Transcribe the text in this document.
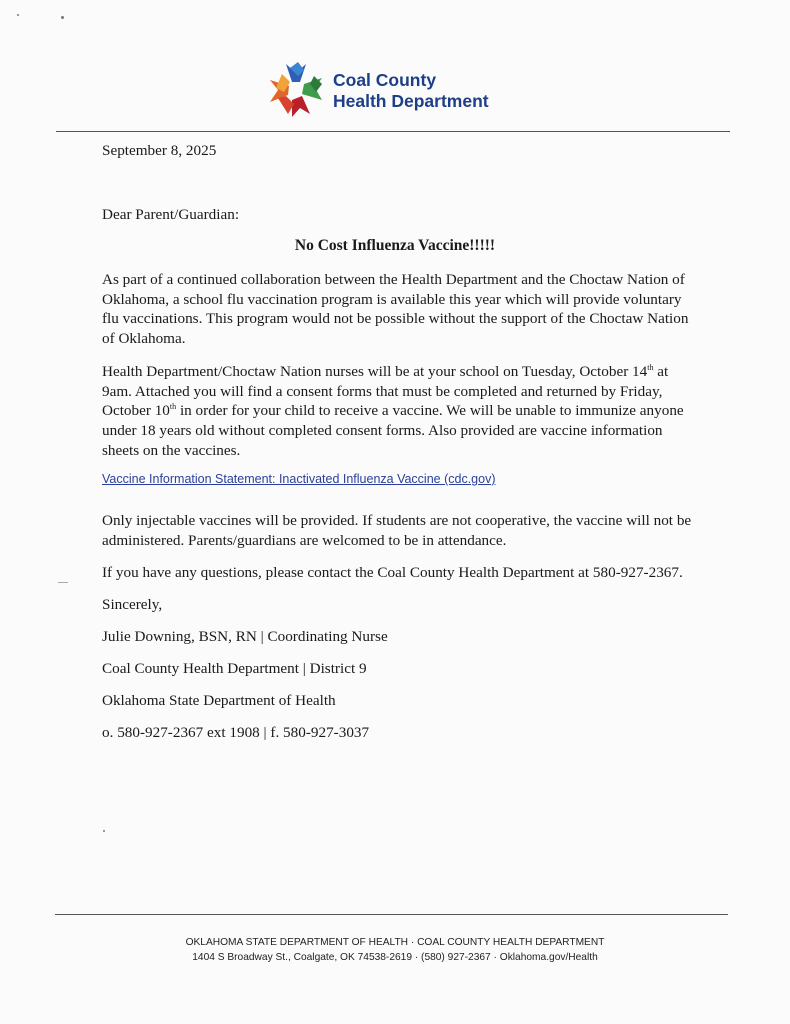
Coal County
Health Department
September 8, 2025
Dear Parent/Guardian:
No Cost Influenza Vaccine!!!!!
As part of a continued collaboration between the Health Department and the Choctaw Nation of Oklahoma, a school flu vaccination program is available this year which will provide voluntary flu vaccinations. This program would not be possible without the support of the Choctaw Nation of Oklahoma.
Health Department/Choctaw Nation nurses will be at your school on Tuesday, October 14th at 9am. Attached you will find a consent forms that must be completed and returned by Friday, October 10th in order for your child to receive a vaccine. We will be unable to immunize anyone under 18 years old without completed consent forms. Also provided are vaccine information sheets on the vaccines.
Vaccine Information Statement: Inactivated Influenza Vaccine (cdc.gov)
Only injectable vaccines will be provided. If students are not cooperative, the vaccine will not be administered. Parents/guardians are welcomed to be in attendance.
If you have any questions, please contact the Coal County Health Department at 580-927-2367.
Sincerely,
Julie Downing, BSN, RN | Coordinating Nurse
Coal County Health Department | District 9
Oklahoma State Department of Health
o. 580-927-2367 ext 1908 | f. 580-927-3037
OKLAHOMA STATE DEPARTMENT OF HEALTH · COAL COUNTY HEALTH DEPARTMENT
1404 S Broadway St., Coalgate, OK 74538-2619 · (580) 927-2367 · Oklahoma.gov/Health
